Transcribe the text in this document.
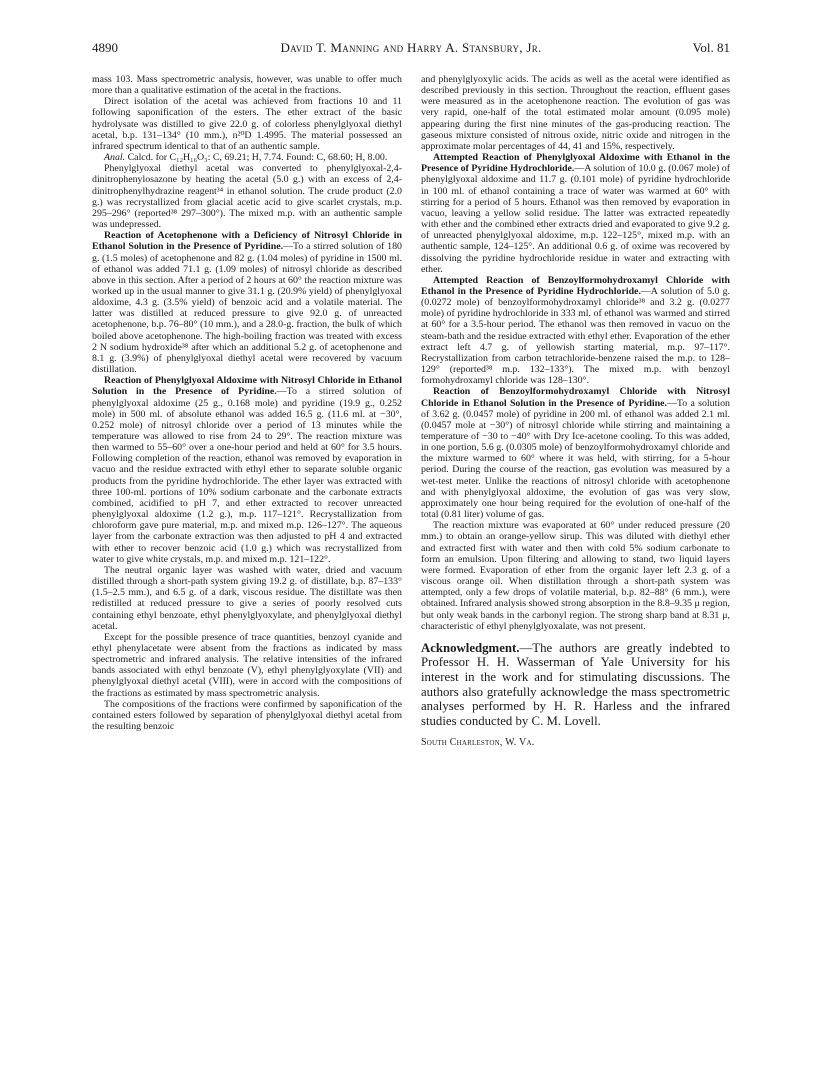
4890	David T. Manning and Harry A. Stansbury, Jr.	Vol. 81

mass 103. Mass spectrometric analysis, however, was unable to offer much more than a qualitative estimation of the acetal in the fractions.

Direct isolation of the acetal was achieved from fractions 10 and 11 following saponification of the esters. The ether extract of the basic hydrolysate was distilled to give 22.0 g. of colorless phenylglyoxal diethyl acetal, b.p. 131–134° (10 mm.), n²⁰D 1.4995. The material possessed an infrared spectrum identical to that of an authentic sample.

Anal. Calcd. for C₁₂H₁₆O₃: C, 69.21; H, 7.74. Found: C, 68.60; H, 8.00.

Phenylglyoxal diethyl acetal was converted to phenylglyoxal-2,4-dinitrophenylosazone by heating the acetal (5.0 g.) with an excess of 2,4-dinitrophenylhydrazine reagent³⁴ in ethanol solution. The crude product (2.0 g.) was recrystallized from glacial acetic acid to give scarlet crystals, m.p. 295–296° (reported³⁸ 297–300°). The mixed m.p. with an authentic sample was undepressed.

Reaction of Acetophenone with a Deficiency of Nitrosyl Chloride in Ethanol Solution in the Presence of Pyridine.—To a stirred solution of 180 g. (1.5 moles) of acetophenone and 82 g. (1.04 moles) of pyridine in 1500 ml. of ethanol was added 71.1 g. (1.09 moles) of nitrosyl chloride as described above in this section. After a period of 2 hours at 60° the reaction mixture was worked up in the usual manner to give 31.1 g. (20.9% yield) of phenylglyoxal aldoxime, 4.3 g. (3.5% yield) of benzoic acid and a volatile material. The latter was distilled at reduced pressure to give 92.0 g. of unreacted acetophenone, b.p. 76–80° (10 mm.), and a 28.0-g. fraction, the bulk of which boiled above acetophenone. The high-boiling fraction was treated with excess 2 N sodium hydroxide³⁸ after which an additional 5.2 g. of acetophenone and 8.1 g. (3.9%) of phenylglyoxal diethyl acetal were recovered by vacuum distillation.

Reaction of Phenylglyoxal Aldoxime with Nitrosyl Chloride in Ethanol Solution in the Presence of Pyridine.—To a stirred solution of phenylglyoxal aldoxime (25 g., 0.168 mole) and pyridine (19.9 g., 0.252 mole) in 500 ml. of absolute ethanol was added 16.5 g. (11.6 ml. at −30°, 0.252 mole) of nitrosyl chloride over a period of 13 minutes while the temperature was allowed to rise from 24 to 29°. The reaction mixture was then warmed to 55–60° over a one-hour period and held at 60° for 3.5 hours. Following completion of the reaction, ethanol was removed by evaporation in vacuo and the residue extracted with ethyl ether to separate soluble organic products from the pyridine hydrochloride. The ether layer was extracted with three 100-ml. portions of 10% sodium carbonate and the carbonate extracts combined, acidified to pH 7, and ether extracted to recover unreacted phenylglyoxal aldoxime (1.2 g.), m.p. 117–121°. Recrystallization from chloroform gave pure material, m.p. and mixed m.p. 126–127°. The aqueous layer from the carbonate extraction was then adjusted to pH 4 and extracted with ether to recover benzoic acid (1.0 g.) which was recrystallized from water to give white crystals, m.p. and mixed m.p. 121–122°.

The neutral organic layer was washed with water, dried and vacuum distilled through a short-path system giving 19.2 g. of distillate, b.p. 87–133° (1.5–2.5 mm.), and 6.5 g. of a dark, viscous residue. The distillate was then redistilled at reduced pressure to give a series of poorly resolved cuts containing ethyl benzoate, ethyl phenylglyoxylate, and phenylglyoxal diethyl acetal.

Except for the possible presence of trace quantities, benzoyl cyanide and ethyl phenylacetate were absent from the fractions as indicated by mass spectrometric and infrared analysis. The relative intensities of the infrared bands associated with ethyl benzoate (V), ethyl phenylglyoxylate (VII) and phenylglyoxal diethyl acetal (VIII), were in accord with the compositions of the fractions as estimated by mass spectrometric analysis.

The compositions of the fractions were confirmed by saponification of the contained esters followed by separation of phenylglyoxal diethyl acetal from the resulting benzoic

and phenylglyoxylic acids. The acids as well as the acetal were identified as described previously in this section. Throughout the reaction, effluent gases were measured as in the acetophenone reaction. The evolution of gas was very rapid, one-half of the total estimated molar amount (0.095 mole) appearing during the first nine minutes of the gas-producing reaction. The gaseous mixture consisted of nitrous oxide, nitric oxide and nitrogen in the approximate molar percentages of 44, 41 and 15%, respectively.

Attempted Reaction of Phenylglyoxal Aldoxime with Ethanol in the Presence of Pyridine Hydrochloride.—A solution of 10.0 g. (0.067 mole) of phenylglyoxal aldoxime and 11.7 g. (0.101 mole) of pyridine hydrochloride in 100 ml. of ethanol containing a trace of water was warmed at 60° with stirring for a period of 5 hours. Ethanol was then removed by evaporation in vacuo, leaving a yellow solid residue. The latter was extracted repeatedly with ether and the combined ether extracts dried and evaporated to give 9.2 g. of unreacted phenylglyoxal aldoxime, m.p. 122–125°, mixed m.p. with an authentic sample, 124–125°. An additional 0.6 g. of oxime was recovered by dissolving the pyridine hydrochloride residue in water and extracting with ether.

Attempted Reaction of Benzoylformohydroxamyl Chloride with Ethanol in the Presence of Pyridine Hydrochloride.—A solution of 5.0 g. (0.0272 mole) of benzoylformohydroxamyl chloride³⁸ and 3.2 g. (0.0277 mole) of pyridine hydrochloride in 333 ml. of ethanol was warmed and stirred at 60° for a 3.5-hour period. The ethanol was then removed in vacuo on the steam-bath and the residue extracted with ethyl ether. Evaporation of the ether extract left 4.7 g. of yellowish starting material, m.p. 97–117°. Recrystallization from carbon tetrachloride-benzene raised the m.p. to 128–129° (reported³⁸ m.p. 132–133°). The mixed m.p. with benzoyl formohydroxamyl chloride was 128–130°.

Reaction of Benzoylformohydroxamyl Chloride with Nitrosyl Chloride in Ethanol Solution in the Presence of Pyridine.—To a solution of 3.62 g. (0.0457 mole) of pyridine in 200 ml. of ethanol was added 2.1 ml. (0.0457 mole at −30°) of nitrosyl chloride while stirring and maintaining a temperature of −30 to −40° with Dry Ice-acetone cooling. To this was added, in one portion, 5.6 g. (0.0305 mole) of benzoylformohydroxamyl chloride and the mixture warmed to 60° where it was held, with stirring, for a 5-hour period. During the course of the reaction, gas evolution was measured by a wet-test meter. Unlike the reactions of nitrosyl chloride with acetophenone and with phenylglyoxal aldoxime, the evolution of gas was very slow, approximately one hour being required for the evolution of one-half of the total (0.81 liter) volume of gas.

The reaction mixture was evaporated at 60° under reduced pressure (20 mm.) to obtain an orange-yellow sirup. This was diluted with diethyl ether and extracted first with water and then with cold 5% sodium carbonate to form an emulsion. Upon filtering and allowing to stand, two liquid layers were formed. Evaporation of ether from the organic layer left 2.3 g. of a viscous orange oil. When distillation through a short-path system was attempted, only a few drops of volatile material, b.p. 82–88° (6 mm.), were obtained. Infrared analysis showed strong absorption in the 8.8–9.35 μ region, but only weak bands in the carbonyl region. The strong sharp band at 8.31 μ, characteristic of ethyl phenylglyoxalate, was not present.

Acknowledgment.—The authors are greatly indebted to Professor H. H. Wasserman of Yale University for his interest in the work and for stimulating discussions. The authors also gratefully acknowledge the mass spectrometric analyses performed by H. R. Harless and the infrared studies conducted by C. M. Lovell.

South Charleston, W. Va.
